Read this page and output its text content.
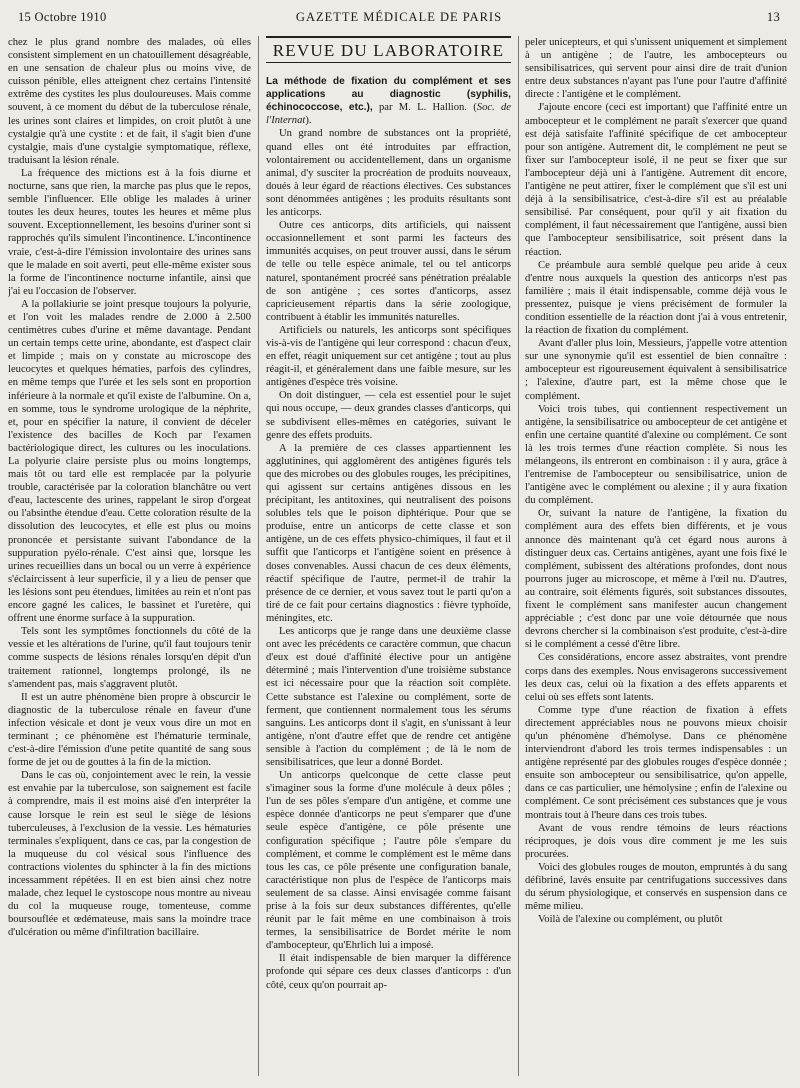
15 Octobre 1910	GAZETTE MÉDICALE DE PARIS	13

chez le plus grand nombre des malades, où elles consistent simplement en un chatouillement désagréable, en une sensation de chaleur plus ou moins vive, de cuisson pénible, elles atteignent chez certains l'intensité extrême des cystites les plus douloureuses. Mais comme souvent, à ce moment du début de la tuberculose rénale, les urines sont claires et limpides, on croit plutôt à une cystalgie qu'à une cystite : et de fait, il s'agit bien d'une cystalgie, mais d'une cystalgie symptomatique, réflexe, traduisant la lésion rénale.

La fréquence des mictions est à la fois diurne et nocturne, sans que rien, la marche pas plus que le repos, semble l'influencer. Elle oblige les malades à uriner toutes les deux heures, toutes les heures et même plus souvent. Exceptionnellement, les besoins d'uriner sont si rapprochés qu'ils simulent l'incontinence. L'incontinence vraie, c'est-à-dire l'émission involontaire des urines sans que le malade en soit averti, peut elle-même exister sous la forme de l'incontinence nocturne infantile, ainsi que j'ai eu l'occasion de l'observer.

A la pollakiurie se joint presque toujours la polyurie, et l'on voit les malades rendre de 2.000 à 2.500 centimètres cubes d'urine et même davantage. Pendant un certain temps cette urine, abondante, est d'aspect clair et limpide ; mais on y constate au microscope des leucocytes et quelques hématies, parfois des cylindres, en même temps que l'urée et les sels sont en proportion inférieure à la normale et qu'il existe de l'albumine. On a, en somme, tous le syndrome urologique de la néphrite, et, pour en spécifier la nature, il convient de déceler l'existence des bacilles de Koch par l'examen bactériologique direct, les cultures ou les inoculations. La polyurie claire persiste plus ou moins longtemps, mais tôt ou tard elle est remplacée par la polyurie trouble, caractérisée par la coloration blanchâtre ou vert d'eau, lactescente des urines, rappelant le sirop d'orgeat ou l'absinthe étendue d'eau. Cette coloration résulte de la dissolution des leucocytes, et elle est plus ou moins prononcée et persistante suivant l'abondance de la suppuration pyélo-rénale. C'est ainsi que, lorsque les urines recueillies dans un bocal ou un verre à expérience s'éclaircissent à leur superficie, il y a lieu de penser que les lésions sont peu étendues, limitées au rein et n'ont pas encore gagné les calices, le bassinet et l'uretère, qui offrent une énorme surface à la suppuration.

Tels sont les symptômes fonctionnels du côté de la vessie et les altérations de l'urine, qu'il faut toujours tenir comme suspects de lésions rénales lorsqu'en dépit d'un traitement rationnel, longtemps prolongé, ils ne s'amendent pas, mais s'aggravent plutôt.

Il est un autre phénomène bien propre à obscurcir le diagnostic de la tuberculose rénale en faveur d'une infection vésicale et dont je veux vous dire un mot en terminant ; ce phénomène est l'hématurie terminale, c'est-à-dire l'émission d'une petite quantité de sang sous forme de jet ou de gouttes à la fin de la miction.

Dans le cas où, conjointement avec le rein, la vessie est envahie par la tuberculose, son saignement est facile à comprendre, mais il est moins aisé d'en interpréter la cause lorsque le rein est seul le siège de lésions tuberculeuses, à l'exclusion de la vessie. Les hématuries terminales s'expliquent, dans ce cas, par la congestion de la muqueuse du col vésical sous l'influence des contractions violentes du sphincter à la fin des mictions incessamment répétées. Il en est bien ainsi chez notre malade, chez lequel le cystoscope nous montre au niveau du col la muqueuse rouge, tomenteuse, comme boursouflée et œdémateuse, mais sans la moindre trace d'ulcération ou même d'infiltration bacillaire.

REVUE DU LABORATOIRE

La méthode de fixation du complément et ses applications au diagnostic (syphilis, échinococcose, etc.), par M. L. Hallion. (Soc. de l'Internat).

Un grand nombre de substances ont la propriété, quand elles ont été introduites par effraction, volontairement ou accidentellement, dans un organisme animal, d'y susciter la procréation de produits nouveaux, doués à leur égard de réactions électives. Ces substances sont dénommées antigènes ; les produits résultants sont les anticorps.

Outre ces anticorps, dits artificiels, qui naissent occasionnellement et sont parmi les facteurs des immunités acquises, on peut trouver aussi, dans le sérum de telle ou telle espèce animale, tel ou tel anticorps naturel, spontanément procréé sans pénétration préalable de son antigène ; ces sortes d'anticorps, assez capricieusement répartis dans la série zoologique, contribuent à établir les immunités naturelles.

Artificiels ou naturels, les anticorps sont spécifiques vis-à-vis de l'antigène qui leur correspond : chacun d'eux, en effet, réagit uniquement sur cet antigène ; tout au plus réagit-il, et généralement dans une faible mesure, sur les antigènes d'espèce très voisine.

On doit distinguer, — cela est essentiel pour le sujet qui nous occupe, — deux grandes classes d'anticorps, qui se subdivisent elles-mêmes en catégories, suivant le genre des effets produits.

A la première de ces classes appartiennent les agglutinines, qui agglomèrent des antigènes figurés tels que des microbes ou des globules rouges, les précipitines, qui agissent sur certains antigènes dissous en les précipitant, les antitoxines, qui neutralisent des poisons solubles tels que le poison diphtérique. Pour que se produise, entre un anticorps de cette classe et son antigène, un de ces effets physico-chimiques, il faut et il suffit que l'anticorps et l'antigène soient en présence à doses convenables. Aussi chacun de ces deux éléments, réactif spécifique de l'autre, permet-il de trahir la présence de ce dernier, et vous savez tout le parti qu'on a tiré de ce fait pour certains diagnostics : fièvre typhoïde, méningites, etc.

Les anticorps que je range dans une deuxième classe ont avec les précédents ce caractère commun, que chacun d'eux est doué d'affinité élective pour un antigène déterminé ; mais l'intervention d'une troisième substance est ici nécessaire pour que la réaction soit complète. Cette substance est l'alexine ou complément, sorte de ferment, que contiennent normalement tous les sérums sanguins. Les anticorps dont il s'agit, en s'unissant à leur antigène, n'ont d'autre effet que de rendre cet antigène sensible à l'action du complément ; de là le nom de sensibilisatrices, que leur a donné Bordet.

Un anticorps quelconque de cette classe peut s'imaginer sous la forme d'une molécule à deux pôles ; l'un de ses pôles s'empare d'un antigène, et comme une espèce donnée d'anticorps ne peut s'emparer que d'une seule espèce d'antigène, ce pôle présente une configuration spécifique ; l'autre pôle s'empare du complément, et comme le complément est le même dans tous les cas, ce pôle présente une configuration banale, caractéristique non plus de l'espèce de l'anticorps mais seulement de sa classe. Ainsi envisagée comme faisant prise à la fois sur deux substances différentes, qu'elle réunit par le fait même en une combinaison à trois termes, la sensibilisatrice de Bordet mérite le nom d'ambocepteur, qu'Ehrlich lui a imposé.

Il était indispensable de bien marquer la différence profonde qui sépare ces deux classes d'anticorps : d'un côté, ceux qu'on pourrait ap-

peler unicepteurs, et qui s'unissent uniquement et simplement à un antigène ; de l'autre, les ambocepteurs ou sensibilisatrices, qui servent pour ainsi dire de trait d'union entre deux substances n'ayant pas l'une pour l'autre d'affinité directe : l'antigène et le complément.

J'ajoute encore (ceci est important) que l'affinité entre un ambocepteur et le complément ne paraît s'exercer que quand est déjà satisfaite l'affinité spécifique de cet ambocepteur pour son antigène. Autrement dit, le complément ne peut se fixer sur l'ambocepteur isolé, il ne peut se fixer que sur l'ambocepteur déjà uni à l'antigène. Autrement dit encore, l'antigène ne peut attirer, fixer le complément que s'il est uni déjà à la sensibilisatrice, c'est-à-dire s'il est au préalable sensibilisé. Par conséquent, pour qu'il y ait fixation du complément, il faut nécessairement que l'antigène, aussi bien que l'ambocepteur sensibilisatrice, soit présent dans la réaction.

Ce préambule aura semblé quelque peu aride à ceux d'entre nous auxquels la question des anticorps n'est pas familière ; mais il était indispensable, comme déjà vous le pressentez, puisque je viens précisément de formuler la condition essentielle de la réaction dont j'ai à vous entretenir, la réaction de fixation du complément.

Avant d'aller plus loin, Messieurs, j'appelle votre attention sur une synonymie qu'il est essentiel de bien connaître : ambocepteur est rigoureusement équivalent à sensibilisatrice ; l'alexine, d'autre part, est la même chose que le complément.

Voici trois tubes, qui contiennent respectivement un antigène, la sensibilisatrice ou ambocepteur de cet antigène et enfin une certaine quantité d'alexine ou complément. Ce sont là les trois termes d'une réaction complète. Si nous les mélangeons, ils entreront en combinaison : il y aura, grâce à l'entremise de l'ambocepteur ou sensibilisatrice, union de l'antigène avec le complément ou alexine ; il y aura fixation du complément.

Or, suivant la nature de l'antigène, la fixation du complément aura des effets bien différents, et je vous annonce dès maintenant qu'à cet égard nous aurons à distinguer deux cas. Certains antigènes, ayant une fois fixé le complément, subissent des altérations profondes, dont nous pourrons juger au microscope, et même à l'œil nu. D'autres, au contraire, soit éléments figurés, soit substances dissoutes, fixent le complément sans manifester aucun changement appréciable ; c'est donc par une voie détournée que nous devrons chercher si la combinaison s'est produite, c'est-à-dire si le complément a cessé d'être libre.

Ces considérations, encore assez abstraites, vont prendre corps dans des exemples. Nous envisagerons successivement les deux cas, celui où la fixation a des effets apparents et celui où ses effets sont latents.

Comme type d'une réaction de fixation à effets directement appréciables nous ne pouvons mieux choisir qu'un phénomène d'hémolyse. Dans ce phénomène interviendront d'abord les trois termes indispensables : un antigène représenté par des globules rouges d'espèce donnée ; ensuite son ambocepteur ou sensibilisatrice, qu'on appelle, dans ce cas particulier, une hémolysine ; enfin de l'alexine ou complément. Ce sont précisément ces substances que je vous montrais tout à l'heure dans ces trois tubes.

Avant de vous rendre témoins de leurs réactions réciproques, je dois vous dire comment je me les suis procurées.

Voici des globules rouges de mouton, empruntés à du sang défibriné, lavés ensuite par centrifugations successives dans du sérum physiologique, et conservés en suspension dans ce même milieu.

Voilà de l'alexine ou complément, ou plutôt
